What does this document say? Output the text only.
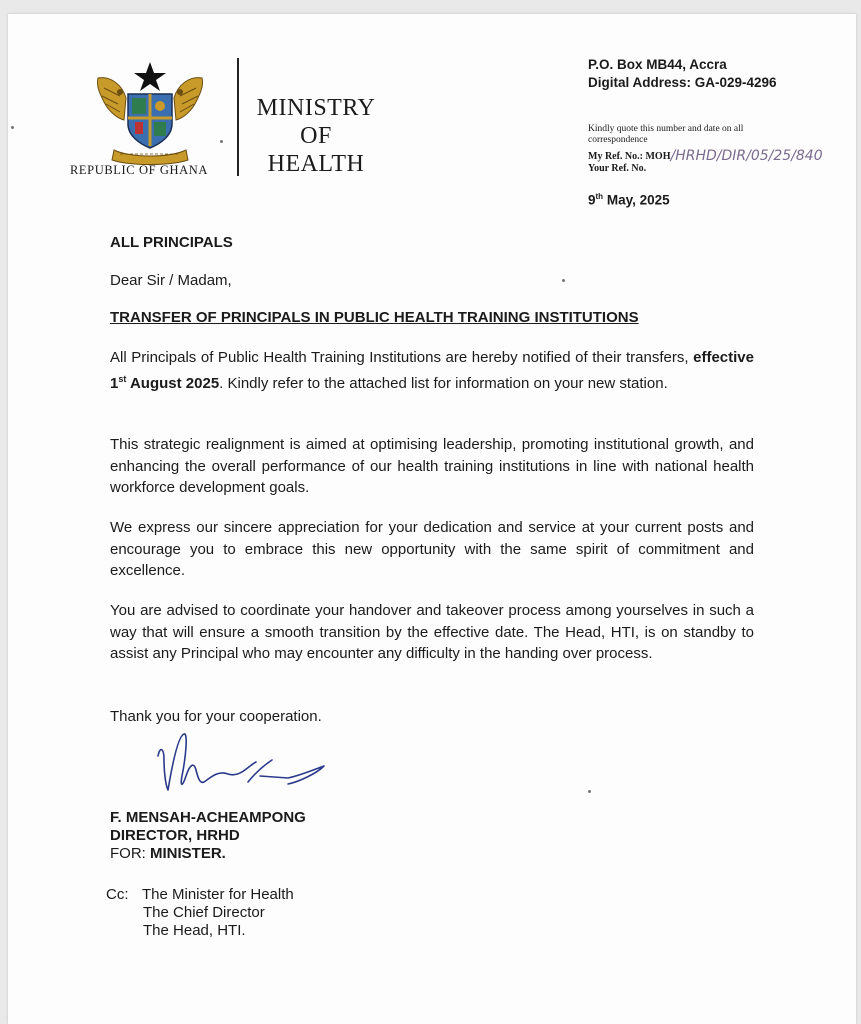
REPUBLIC OF GHANA
MINISTRY
OF
HEALTH
P.O. Box MB44, Accra
Digital Address: GA-029-4296
Kindly quote this number and date on all correspondence
My Ref. No.: MOH/HRHD/DIR/05/25/840
Your Ref. No.
9th May, 2025
ALL PRINCIPALS
Dear Sir / Madam,
TRANSFER OF PRINCIPALS IN PUBLIC HEALTH TRAINING INSTITUTIONS
All Principals of Public Health Training Institutions are hereby notified of their transfers, effective 1st August 2025. Kindly refer to the attached list for information on your new station.
This strategic realignment is aimed at optimising leadership, promoting institutional growth, and enhancing the overall performance of our health training institutions in line with national health workforce development goals.
We express our sincere appreciation for your dedication and service at your current posts and encourage you to embrace this new opportunity with the same spirit of commitment and excellence.
You are advised to coordinate your handover and takeover process among yourselves in such a way that will ensure a smooth transition by the effective date. The Head, HTI, is on standby to assist any Principal who may encounter any difficulty in the handing over process.
Thank you for your cooperation.
F. MENSAH-ACHEAMPONG
DIRECTOR, HRHD
FOR: MINISTER.
Cc: The Minister for Health
The Chief Director
The Head, HTI.
